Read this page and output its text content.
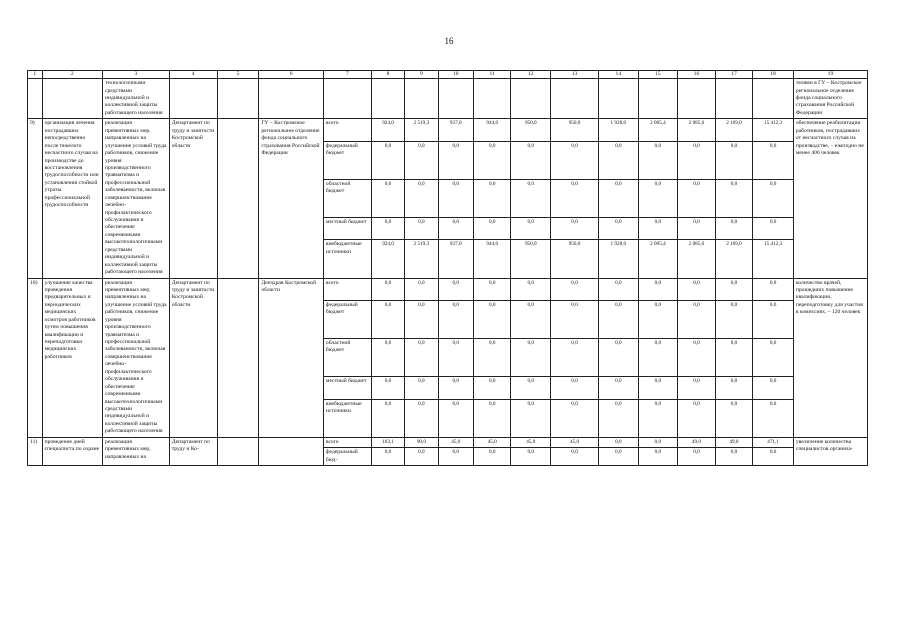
16
1	2	3	4	5	6	7	8	9	10	11	12	13	14	15	16	17	18	19
		технологичными средствами индивидуальной и коллективной защиты работающего населения																телями в ГУ – Костромское региональное отделение фонда социального страхования Российской Федерации
9)	организация лечения пострадавших непосредственно после тяжелого несчастного случая на производстве до восстановления трудоспособности или установления стойкой утраты профессиональной трудоспособности	реализация превентивных мер, направленных на улучшение условий труда работников, снижение уровня производственного травматизма и профессиональной заболеваемости, включая совершенствование лечебно-профилактического обслуживания и обеспечение современными высокотехнологичными средствами индивидуальной и коллективной защиты работающего населения	Департамент по труду и занятости Костромской области		ГУ – Костромское региональное отделение фонда социального страхования Российской Федерации	всего	924,0	2 519,3	937,0	944,0	950,0	950,0	1 928,0	2 005,4	2 085,6	2 169,0	15 412,3	обеспечение реабилитации работников, пострадавших от несчастного случая на производстве, – ежегодно не менее 400 человек
						федеральный бюджет	0,0	0,0	0,0	0,0	0,0	0,0	0,0	0,0	0,0	0,0	0,0	
						областной бюджет	0,0	0,0	0,0	0,0	0,0	0,0	0,0	0,0	0,0	0,0	0,0	
						местный бюджет	0,0	0,0	0,0	0,0	0,0	0,0	0,0	0,0	0,0	0,0	0,0	
						внебюджетные источники	924,0	2 519,3	937,0	944,0	950,0	950,0	1 928,0	2 005,4	2 085,6	2 169,0	15 412,3	
10)	улучшение качества проведения предварительных и периодических медицинских осмотров работников путем повышения квалификации и переподготовки медицинских работников	реализация превентивных мер, направленных на улучшение условий труда работников, снижение уровня производственного травматизма и профессиональной заболеваемости, включая совершенствование лечебно-профилактического обслуживания и обеспечение современными высокотехнологичными средствами индивидуальной и коллективной защиты работающего населения	Департамент по труду и занятости Костромской области		Депздрав Костромской области	всего	0,0	0,0	0,0	0,0	0,0	0,0	0,0	0,0	0,0	0,0	0,0	количество врачей, прошедших повышение квалификации, переподготовку для участия в комиссиях, – 120 человек
						федеральный бюджет	0,0	0,0	0,0	0,0	0,0	0,0	0,0	0,0	0,0	0,0	0,0	
						областной бюджет	0,0	0,0	0,0	0,0	0,0	0,0	0,0	0,0	0,0	0,0	0,0	
						местный бюджет	0,0	0,0	0,0	0,0	0,0	0,0	0,0	0,0	0,0	0,0	0,0	
						внебюджетные источники	0,0	0,0	0,0	0,0	0,0	0,0	0,0	0,0	0,0	0,0	0,0	
11)	проведение дней специалиста по охране	реализация превентивных мер, направленных на	Департамент по труду и Ко-			всего	103,1	90,0	45,0	45,0	45,0	45,0	0,0	0,0	49,0	49,0	471,1	увеличение количества специалистов организа-
						федеральный бюд-	0,0	0,0	0,0	0,0	0,0	0,0	0,0	0,0	0,0	0,0	0,0	
